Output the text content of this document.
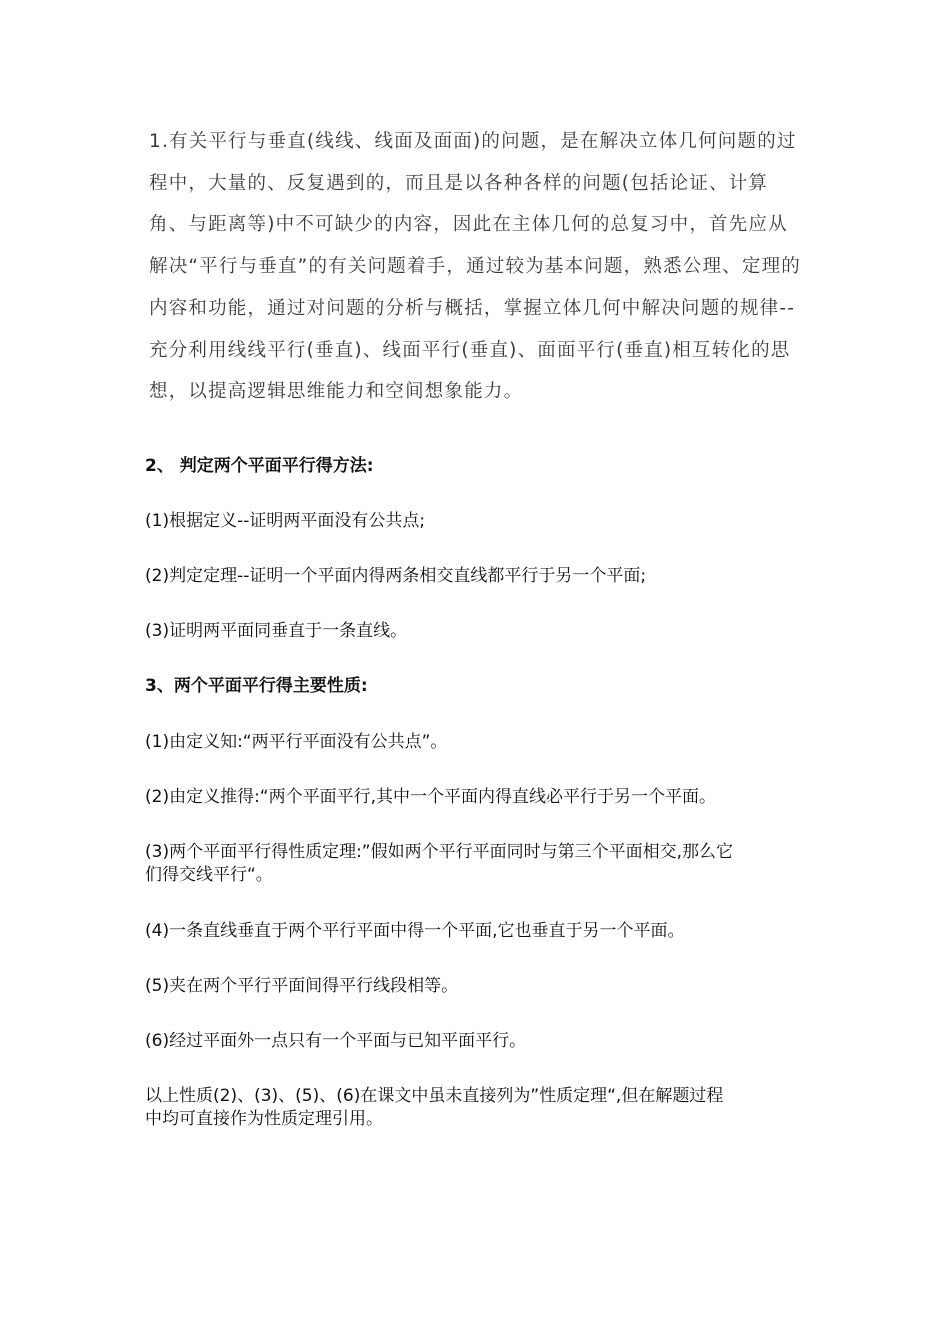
1.有关平行与垂直(线线、线面及面面)的问题，是在解决立体几何问题的过
程中，大量的、反复遇到的，而且是以各种各样的问题(包括论证、计算
角、与距离等)中不可缺少的内容，因此在主体几何的总复习中，首先应从
解决“平行与垂直”的有关问题着手，通过较为基本问题，熟悉公理、定理的
内容和功能，通过对问题的分析与概括，掌握立体几何中解决问题的规律--
充分利用线线平行(垂直)、线面平行(垂直)、面面平行(垂直)相互转化的思
想，以提高逻辑思维能力和空间想象能力。
2、 判定两个平面平行得方法:
(1)根据定义--证明两平面没有公共点;
(2)判定定理--证明一个平面内得两条相交直线都平行于另一个平面;
(3)证明两平面同垂直于一条直线。
3、两个平面平行得主要性质:
(1)由定义知:“两平行平面没有公共点”。
(2)由定义推得:“两个平面平行,其中一个平面内得直线必平行于另一个平面。
(3)两个平面平行得性质定理:”假如两个平行平面同时与第三个平面相交,那么它
们得交线平行“。
(4)一条直线垂直于两个平行平面中得一个平面,它也垂直于另一个平面。
(5)夹在两个平行平面间得平行线段相等。
(6)经过平面外一点只有一个平面与已知平面平行。
以上性质(2)、(3)、(5)、(6)在课文中虽未直接列为”性质定理“,但在解题过程
中均可直接作为性质定理引用。
